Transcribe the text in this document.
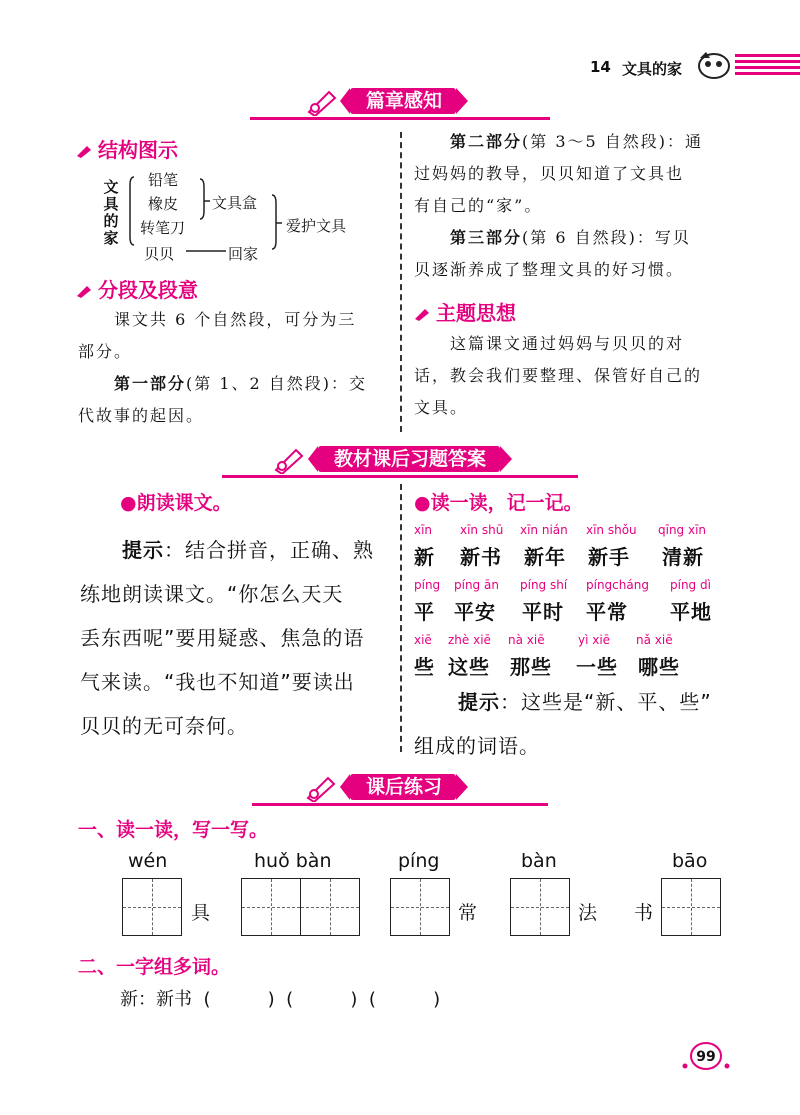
14 文具的家
篇章感知
结构图示
文
具
的
家
铅笔
橡皮
转笔刀
贝贝
文具盒
回家
爱护文具
分段及段意
课文共 6 个自然段，可分为三
部分。
第一部分(第 1、2 自然段)：交
代故事的起因。
第二部分(第 3～5 自然段)：通
过妈妈的教导，贝贝知道了文具也
有自己的“家”。
第三部分(第 6 自然段)：写贝
贝逐渐养成了整理文具的好习惯。
主题思想
这篇课文通过妈妈与贝贝的对
话，教会我们要整理、保管好自己的
文具。
教材课后习题答案
●朗读课文。
提示：结合拼音，正确、熟
练地朗读课文。“你怎么天天
丢东西呢”要用疑惑、焦急的语
气来读。“我也不知道”要读出
贝贝的无可奈何。
●读一读，记一记。
xīn xīn shū xīn nián xīn shǒu qīng xīn
新 新书 新年 新手 清新
píng píng ān píng shí píngcháng píng dì
平 平安 平时 平常 平地
xiē zhè xiē nà xiē	yì xiē nǎ xiē
些 这些 那些 一些 哪些
提示：这些是“新、平、些”
组成的词语。
课后练习
一、读一读，写一写。
wén
具
huǒ bàn	píng
常
bàn
法 书
bāo
二、一字组多词。
新：新书  (          )  (          )  (          )
99
